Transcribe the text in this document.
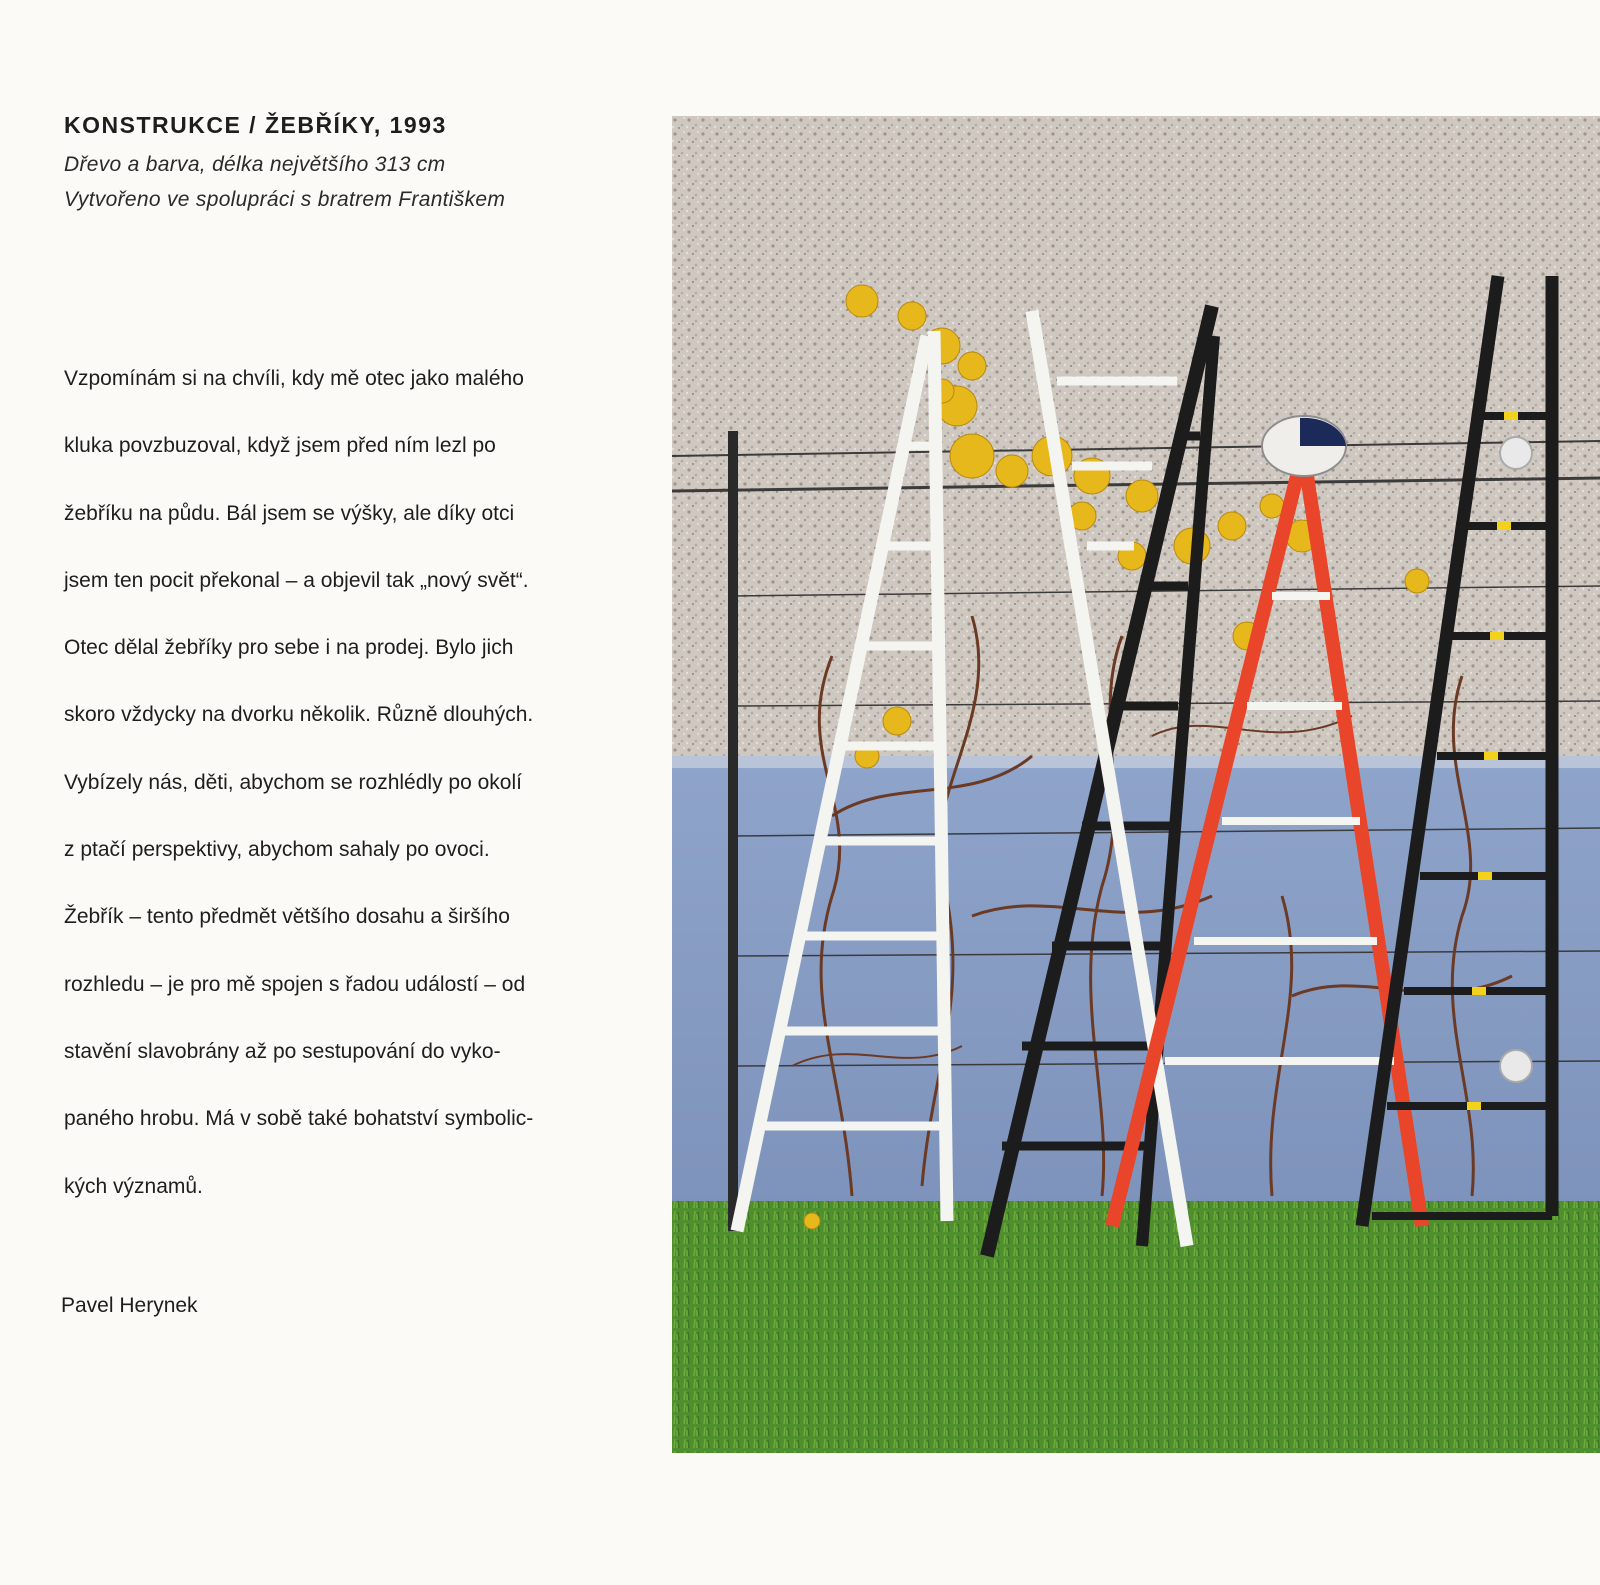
KONSTRUKCE / ŽEBŘÍKY, 1993

Dřevo a barva, délka největšího 313 cm

Vytvořeno ve spolupráci s bratrem Františkem

Vzpomínám si na chvíli, kdy mě otec jako malého
kluka povzbuzoval, když jsem před ním lezl po
žebříku na půdu. Bál jsem se výšky, ale díky otci
jsem ten pocit překonal – a objevil tak „nový svět“.
Otec dělal žebříky pro sebe i na prodej. Bylo jich
skoro vždycky na dvorku několik. Různě dlouhých.
Vybízely nás, děti, abychom se rozhlédly po okolí
z ptačí perspektivy, abychom sahaly po ovoci.
Žebřík – tento předmět většího dosahu a širšího
rozhledu – je pro mě spojen s řadou událostí – od
stavění slavobrány až po sestupování do vyko-
paného hrobu. Má v sobě také bohatství symbolic-
kých významů.

Pavel Herynek
